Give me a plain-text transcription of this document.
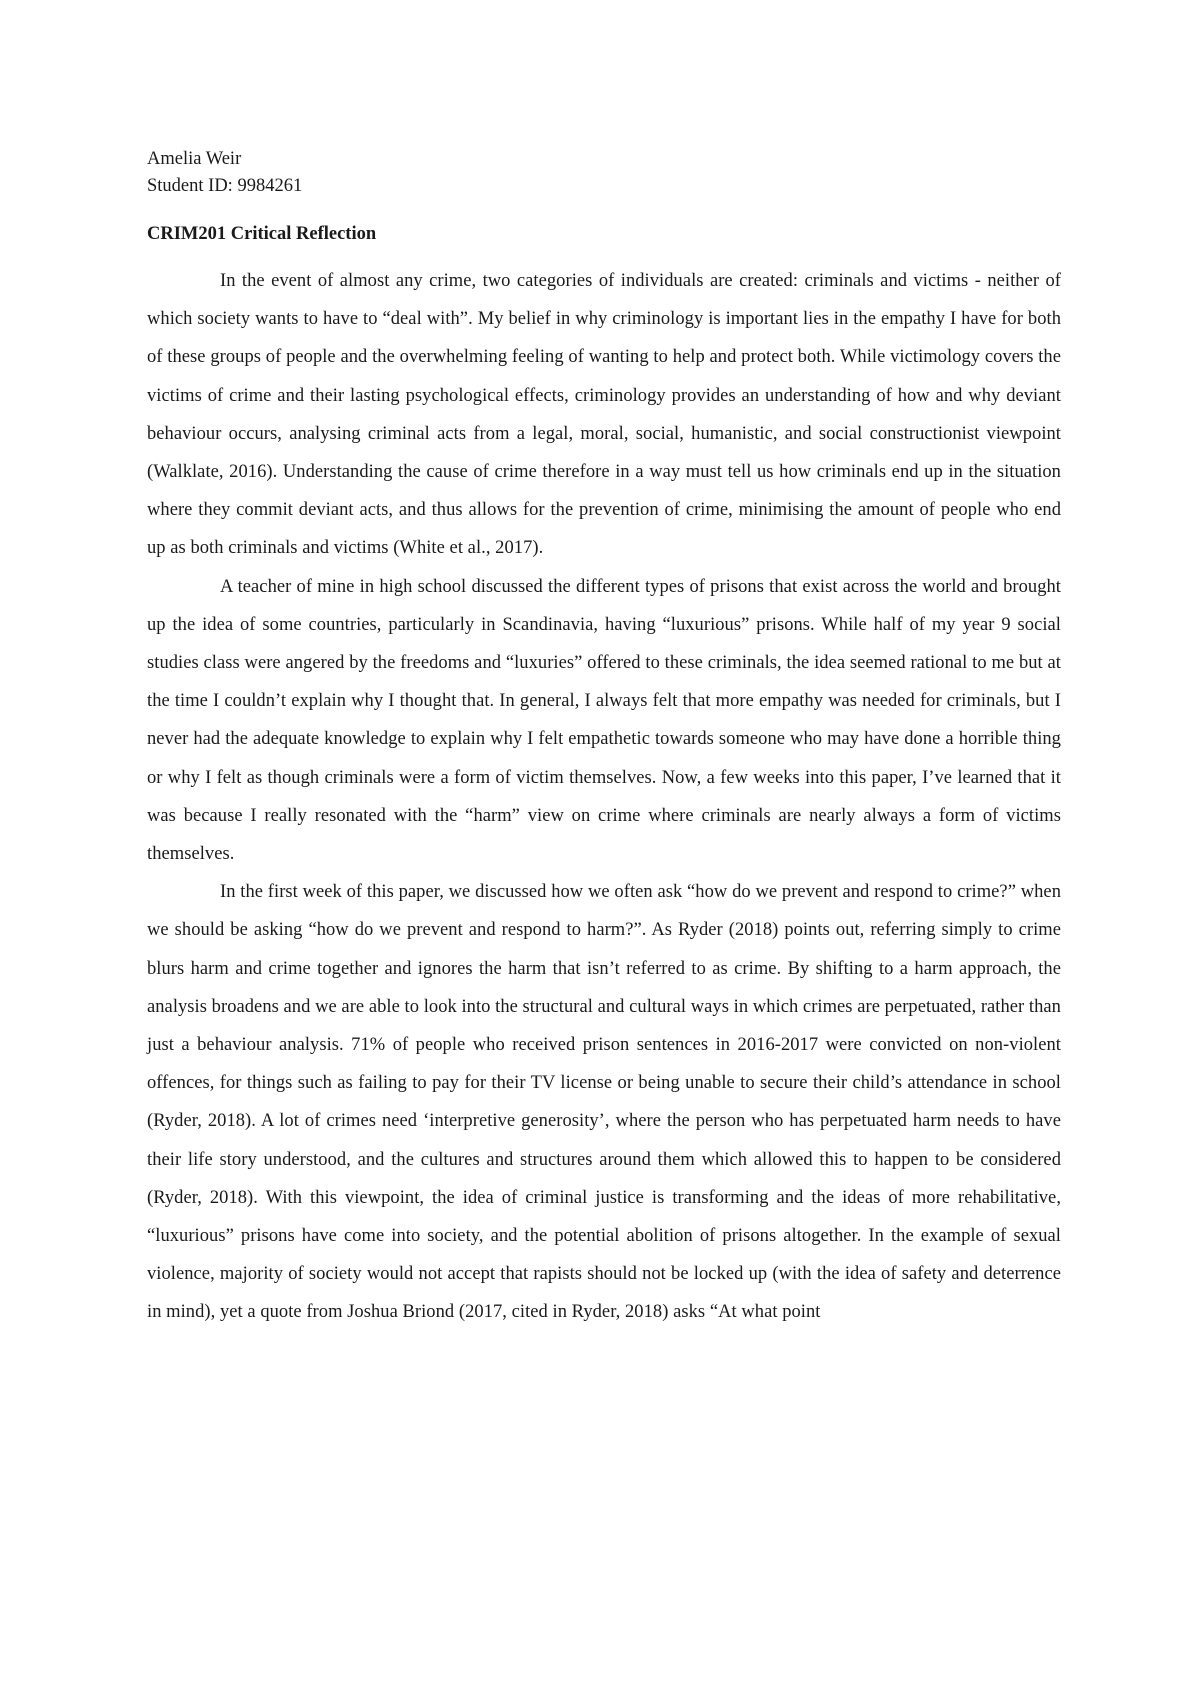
Amelia Weir

Student ID: 9984261

CRIM201 Critical Reflection

In the event of almost any crime, two categories of individuals are created: criminals and victims - neither of which society wants to have to “deal with”. My belief in why criminology is important lies in the empathy I have for both of these groups of people and the overwhelming feeling of wanting to help and protect both. While victimology covers the victims of crime and their lasting psychological effects, criminology provides an understanding of how and why deviant behaviour occurs, analysing criminal acts from a legal, moral, social, humanistic, and social constructionist viewpoint (Walklate, 2016). Understanding the cause of crime therefore in a way must tell us how criminals end up in the situation where they commit deviant acts, and thus allows for the prevention of crime, minimising the amount of people who end up as both criminals and victims (White et al., 2017).

A teacher of mine in high school discussed the different types of prisons that exist across the world and brought up the idea of some countries, particularly in Scandinavia, having “luxurious” prisons. While half of my year 9 social studies class were angered by the freedoms and “luxuries” offered to these criminals, the idea seemed rational to me but at the time I couldn’t explain why I thought that. In general, I always felt that more empathy was needed for criminals, but I never had the adequate knowledge to explain why I felt empathetic towards someone who may have done a horrible thing or why I felt as though criminals were a form of victim themselves. Now, a few weeks into this paper, I’ve learned that it was because I really resonated with the “harm” view on crime where criminals are nearly always a form of victims themselves.

In the first week of this paper, we discussed how we often ask “how do we prevent and respond to crime?” when we should be asking “how do we prevent and respond to harm?”. As Ryder (2018) points out, referring simply to crime blurs harm and crime together and ignores the harm that isn’t referred to as crime. By shifting to a harm approach, the analysis broadens and we are able to look into the structural and cultural ways in which crimes are perpetuated, rather than just a behaviour analysis. 71% of people who received prison sentences in 2016-2017 were convicted on non-violent offences, for things such as failing to pay for their TV license or being unable to secure their child’s attendance in school (Ryder, 2018). A lot of crimes need ‘interpretive generosity’, where the person who has perpetuated harm needs to have their life story understood, and the cultures and structures around them which allowed this to happen to be considered (Ryder, 2018). With this viewpoint, the idea of criminal justice is transforming and the ideas of more rehabilitative, “luxurious” prisons have come into society, and the potential abolition of prisons altogether. In the example of sexual violence, majority of society would not accept that rapists should not be locked up (with the idea of safety and deterrence in mind), yet a quote from Joshua Briond (2017, cited in Ryder, 2018) asks “At what point
